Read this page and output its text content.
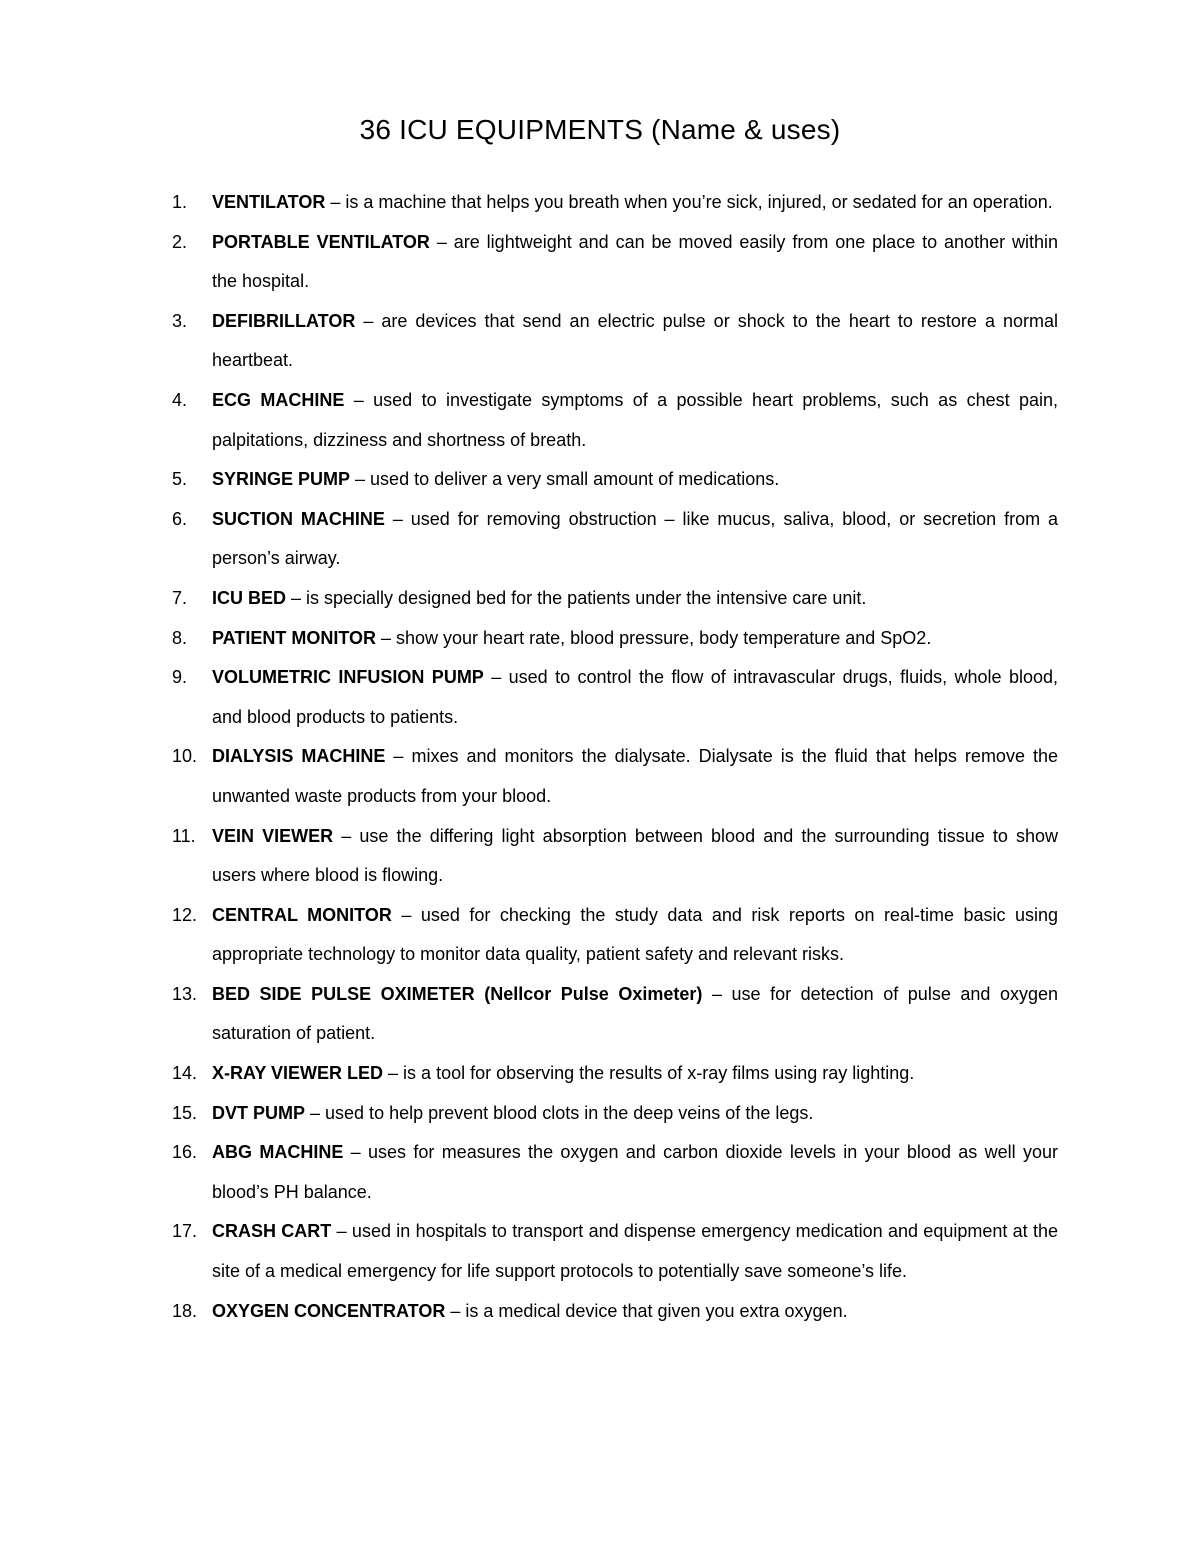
36 ICU EQUIPMENTS (Name & uses)
1.	VENTILATOR – is a machine that helps you breath when you’re sick, injured, or sedated for an operation.
2.	PORTABLE VENTILATOR – are lightweight and can be moved easily from one place to another within the hospital.
3.	DEFIBRILLATOR – are devices that send an electric pulse or shock to the heart to restore a normal heartbeat.
4.	ECG MACHINE – used to investigate symptoms of a possible heart problems, such as chest pain, palpitations, dizziness and shortness of breath.
5.	SYRINGE PUMP – used to deliver a very small amount of medications.
6.	SUCTION MACHINE – used for removing obstruction – like mucus, saliva, blood, or secretion from a person’s airway.
7.	ICU BED – is specially designed bed for the patients under the intensive care unit.
8.	PATIENT MONITOR – show your heart rate, blood pressure, body temperature and SpO2.
9.	VOLUMETRIC INFUSION PUMP – used to control the flow of intravascular drugs, fluids, whole blood, and blood products to patients.
10. DIALYSIS MACHINE – mixes and monitors the dialysate. Dialysate is the fluid that helps remove the unwanted waste products from your blood.
11. VEIN VIEWER – use the differing light absorption between blood and the surrounding tissue to show users where blood is flowing.
12. CENTRAL MONITOR – used for checking the study data and risk reports on real-time basic using appropriate technology to monitor data quality, patient safety and relevant risks.
13. BED SIDE PULSE OXIMETER (Nellcor Pulse Oximeter) – use for detection of pulse and oxygen saturation of patient.
14. X-RAY VIEWER LED – is a tool for observing the results of x-ray films using ray lighting.
15. DVT PUMP – used to help prevent blood clots in the deep veins of the legs.
16. ABG MACHINE – uses for measures the oxygen and carbon dioxide levels in your blood as well your blood’s PH balance.
17. CRASH CART – used in hospitals to transport and dispense emergency medication and equipment at the site of a medical emergency for life support protocols to potentially save someone’s life.
18. OXYGEN CONCENTRATOR – is a medical device that given you extra oxygen.
